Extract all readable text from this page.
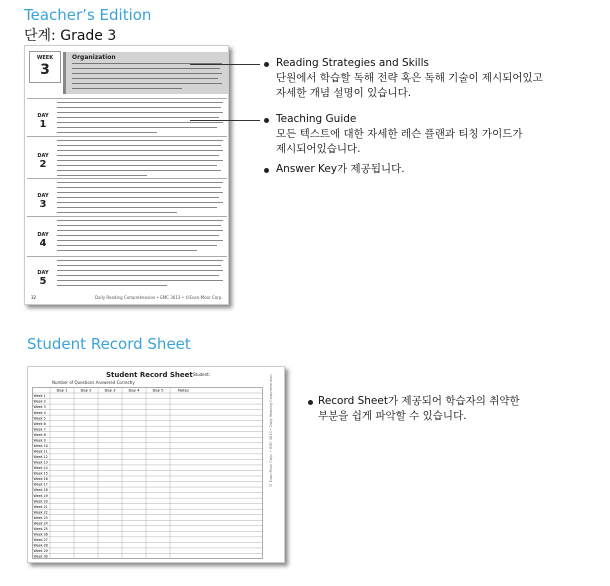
Teacher’s Edition
단계: Grade 3
WEEK
3
Organization
DAY
1
DAY
2
DAY
3
DAY
4
DAY
5
32	Daily Reading Comprehension • EMC 3613 • ©Evan-Moor Corp.
Reading Strategies and Skills
단원에서 학습할 독해 전략 혹은 독해 기술이 제시되어있고
자세한 개념 설명이 있습니다.
Teaching Guide
모든 텍스트에 대한 자세한 레슨 플랜과 티칭 가이드가
제시되어있습니다.
Answer Key가 제공됩니다.
Student Record Sheet
Student Record Sheet Student:
Number of Questions Answered Correctly
Day 1	Day 2	Day 3	Day 4	Day 5	Notes
Week 1
Week 2
Week 3
Week 4
Week 5
Week 6
Week 7
Week 8
Week 9
Week 10
Week 11
Week 12
Week 13
Week 14
Week 15
Week 16
Week 17
Week 18
Week 19
Week 20
Week 21
Week 22
Week 23
Week 24
Week 25
Week 26
Week 27
Week 28
Week 29
Week 30
© Evan-Moor Corp. • EMC 3613 • Daily Reading Comprehension	Record Sheet가 제공되어 학습자의 취약한
부분을 쉽게 파악할 수 있습니다.
